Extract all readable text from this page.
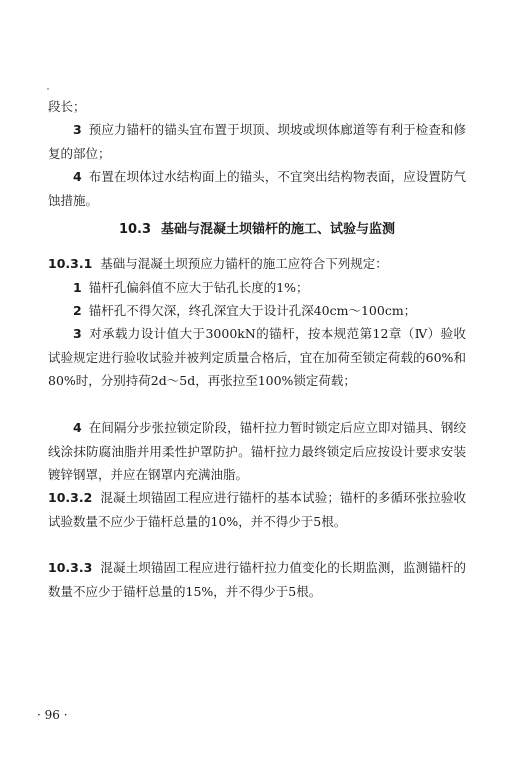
段长；

3 预应力锚杆的锚头宜布置于坝顶、坝坡或坝体廊道等有利于检查和修复的部位；

4 布置在坝体过水结构面上的锚头，不宜突出结构物表面，应设置防气蚀措施。

10.3 基础与混凝土坝锚杆的施工、试验与监测

10.3.1 基础与混凝土坝预应力锚杆的施工应符合下列规定：

1 锚杆孔偏斜值不应大于钻孔长度的1%；

2 锚杆孔不得欠深，终孔深宜大于设计孔深40cm～100cm；

3 对承载力设计值大于3000kN的锚杆，按本规范第12章（Ⅳ）验收试验规定进行验收试验并被判定质量合格后，宜在加荷至锁定荷载的60%和80%时，分别持荷2d～5d，再张拉至100%锁定荷载；

4 在间隔分步张拉锁定阶段，锚杆拉力暂时锁定后应立即对锚具、钢绞线涂抹防腐油脂并用柔性护罩防护。锚杆拉力最终锁定后应按设计要求安装镀锌钢罩，并应在钢罩内充满油脂。

10.3.2 混凝土坝锚固工程应进行锚杆的基本试验；锚杆的多循环张拉验收试验数量不应少于锚杆总量的10%，并不得少于5根。

10.3.3 混凝土坝锚固工程应进行锚杆拉力值变化的长期监测，监测锚杆的数量不应少于锚杆总量的15%，并不得少于5根。

· 96 ·
